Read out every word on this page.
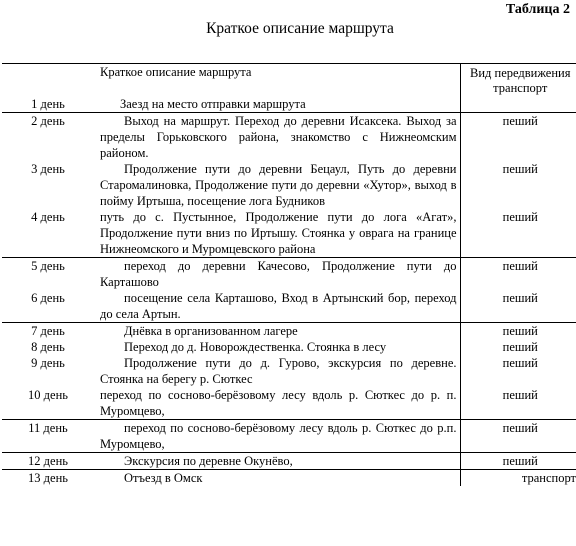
Таблица 2
Краткое описание маршрута
	Краткое описание маршрута	Вид передвижения транспорт
1 день	Заезд на место отправки маршрута	
2 день	Выход на маршрут. Переход до деревни Исаксека. Выход за пределы Горьковского района, знакомство с Нижнеомским районом.	пеший
3 день	Продолжение пути до деревни Бецаул, Путь до деревни Старомалиновка, Продолжение пути до деревни «Хутор», выход в пойму Иртыша, посещение лога Будников	пеший
4 день	путь до с. Пустынное, Продолжение пути до лога «Агат», Продолжение пути вниз по Иртышу. Стоянка у оврага на границе Нижнеомского и Муромцевского района	пеший
5 день	переход до деревни Качесово, Продолжение пути до Карташово	пеший
6 день	посещение села Карташово, Вход в Артынский бор, переход до села Артын.	пеший
7 день	Днёвка в организованном лагере	пеший
8 день	Переход до д. Новорождественка. Стоянка в лесу	пеший
9 день	Продолжение пути до д. Гурово, экскурсия по деревне. Стоянка на берегу р. Сюткес	пеший
10 день	переход по сосново-берёзовому лесу вдоль р. Сюткес до р. п. Муромцево,	пеший
11 день	переход по сосново-берёзовому лесу вдоль р. Сюткес до р.п. Муромцево,	пеший
12 день	Экскурсия по деревне Окунёво,	пеший
13 день	Отъезд в Омск	транспорт
